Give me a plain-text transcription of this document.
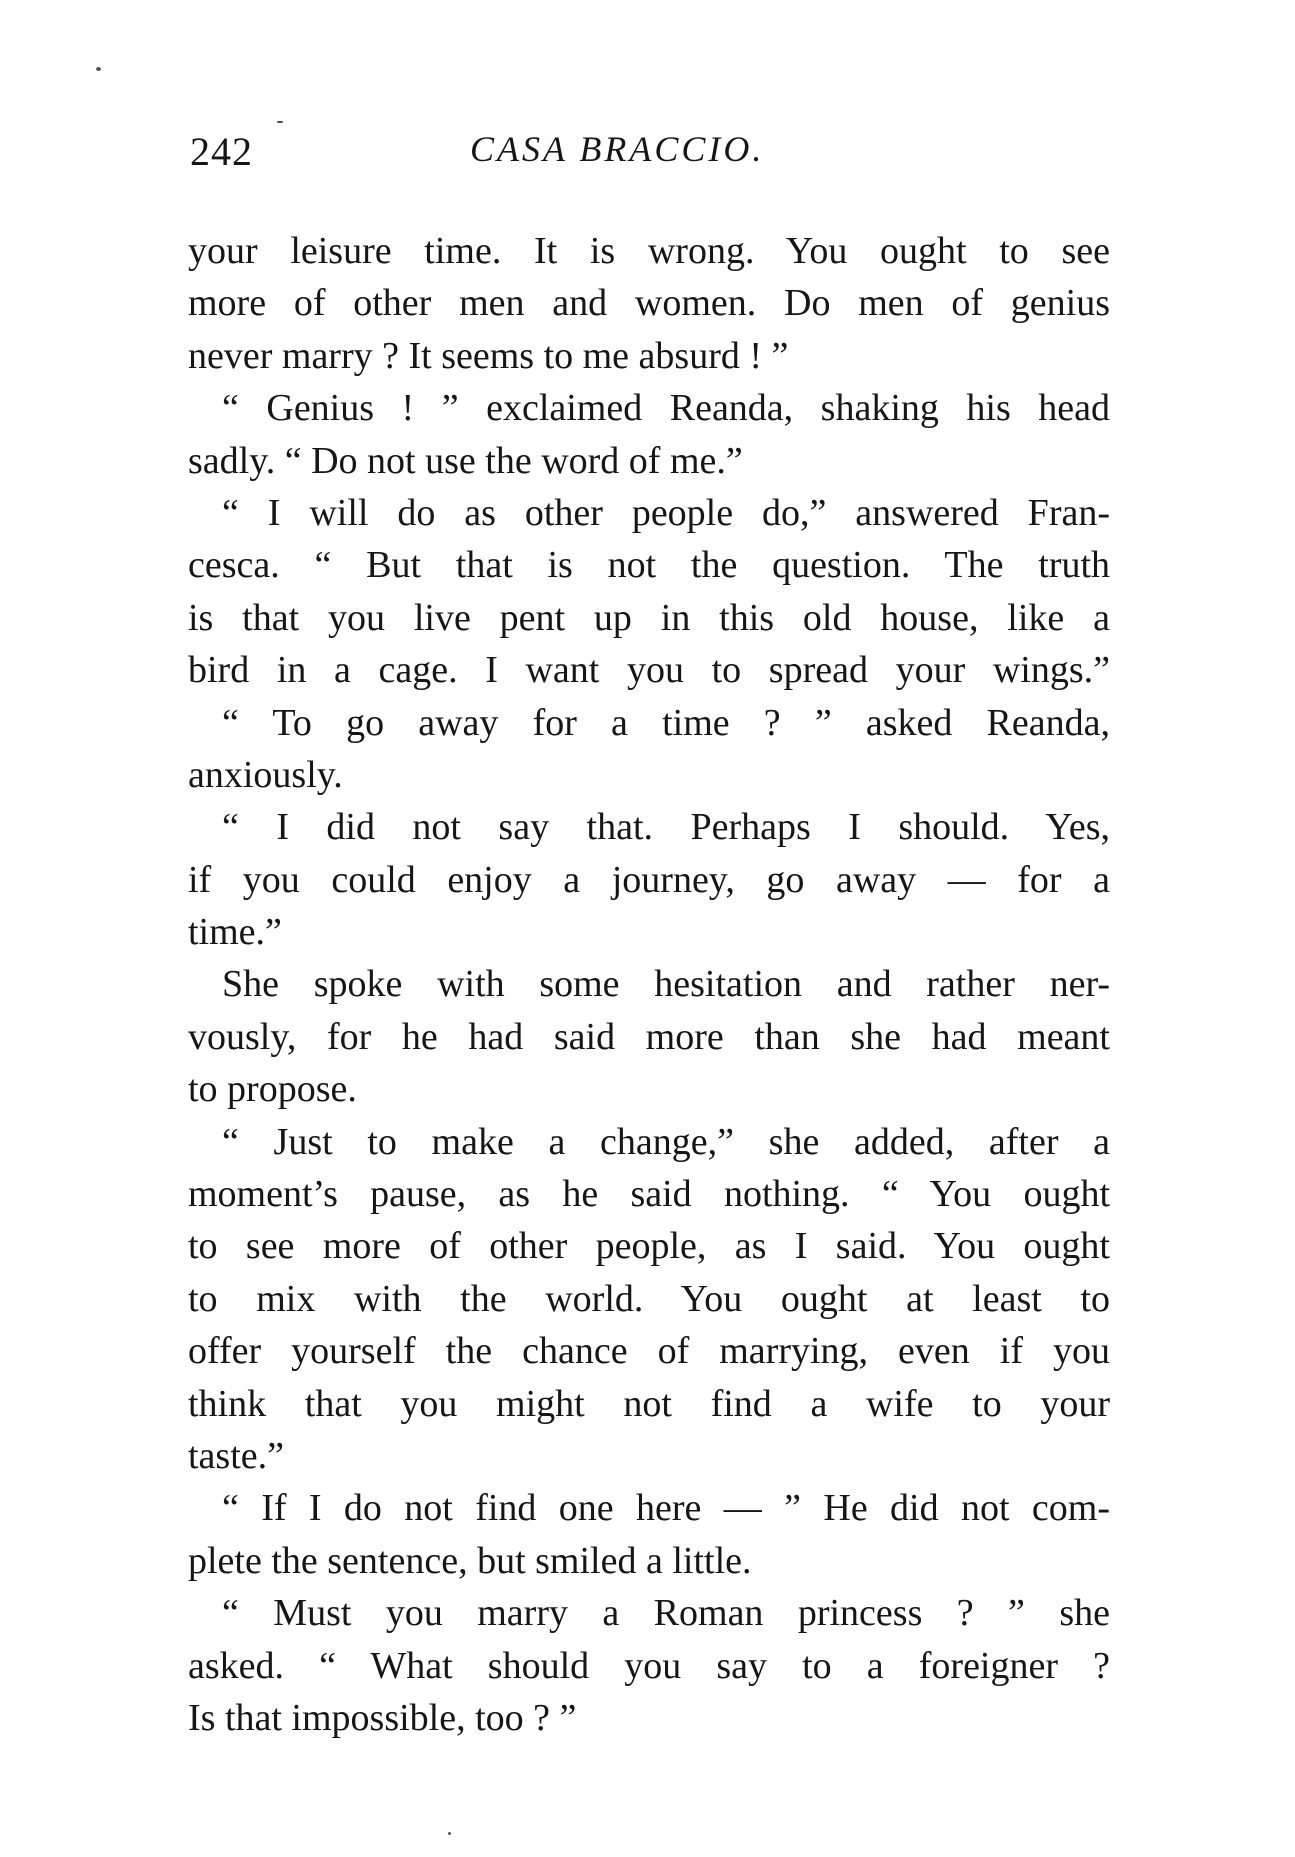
242	CASA BRACCIO.
your leisure time. It is wrong. You ought to see
more of other men and women. Do men of genius
never marry ? It seems to me absurd ! ”
“ Genius ! ” exclaimed Reanda, shaking his head
sadly. “ Do not use the word of me.”
“ I will do as other people do,” answered Fran-
cesca. “ But that is not the question. The truth
is that you live pent up in this old house, like a
bird in a cage. I want you to spread your wings.”
“ To go away for a time ? ” asked Reanda,
anxiously.
“ I did not say that. Perhaps I should. Yes,
if you could enjoy a journey, go away — for a
time.”
She spoke with some hesitation and rather ner-
vously, for he had said more than she had meant
to propose.
“ Just to make a change,” she added, after a
moment’s pause, as he said nothing. “ You ought
to see more of other people, as I said. You ought
to mix with the world. You ought at least to
offer yourself the chance of marrying, even if you
think that you might not find a wife to your
taste.”
“ If I do not find one here — ” He did not com-
plete the sentence, but smiled a little.
“ Must you marry a Roman princess ? ” she
asked. “ What should you say to a foreigner ?
Is that impossible, too ? ”
